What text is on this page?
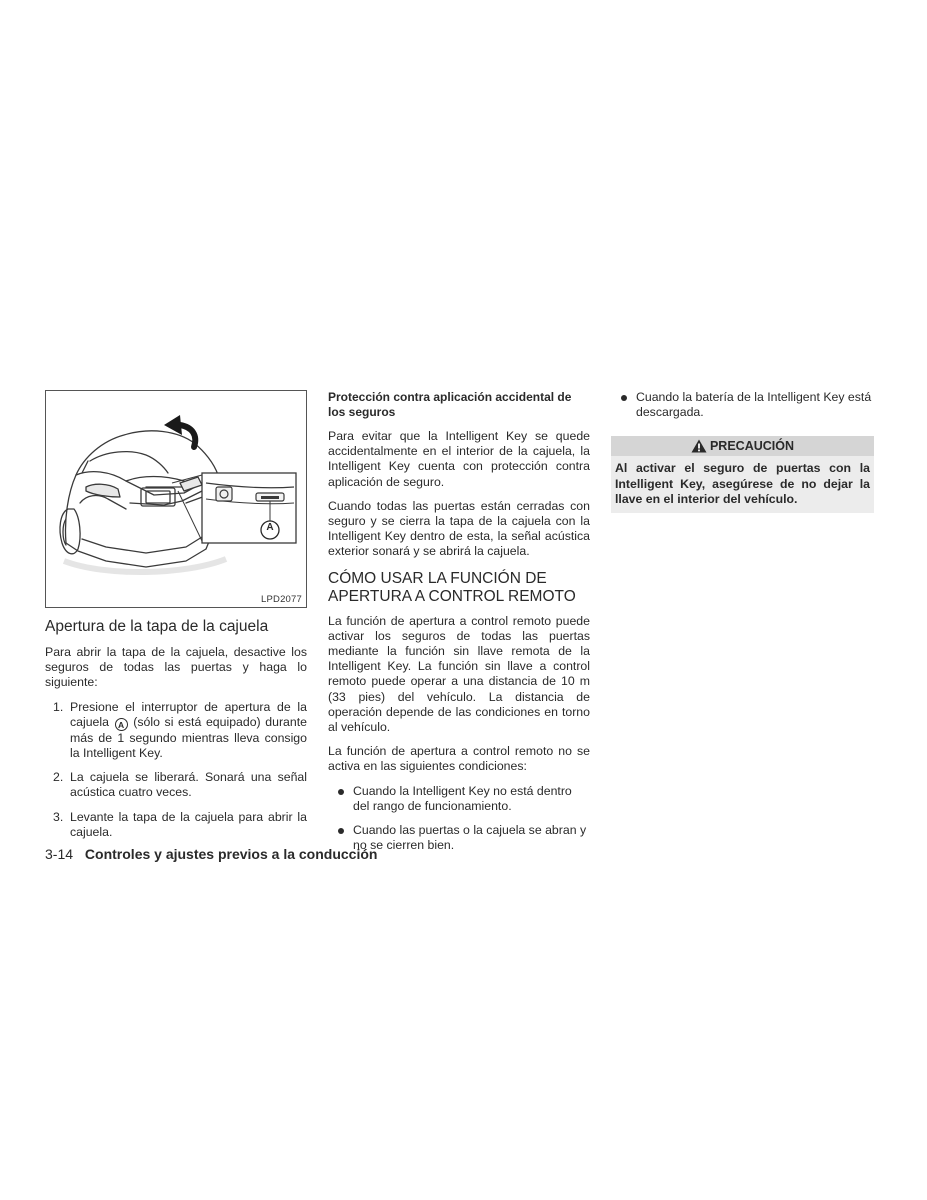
A
LPD2077
Apertura de la tapa de la cajuela

Para abrir la tapa de la cajuela, desactive los seguros de todas las puertas y haga lo siguiente:

1. Presione el interruptor de apertura de la cajuela A (sólo si está equipado) durante más de 1 segundo mientras lleva consigo la Intelligent Key.
2. La cajuela se liberará. Sonará una señal acústica cuatro veces.
3. Levante la tapa de la cajuela para abrir la cajuela.
Protección contra aplicación accidental de los seguros

Para evitar que la Intelligent Key se quede accidentalmente en el interior de la cajuela, la Intelligent Key cuenta con protección contra aplicación de seguro.

Cuando todas las puertas están cerradas con seguro y se cierra la tapa de la cajuela con la Intelligent Key dentro de esta, la señal acústica exterior sonará y se abrirá la cajuela.

CÓMO USAR LA FUNCIÓN DE APERTURA A CONTROL REMOTO

La función de apertura a control remoto puede activar los seguros de todas las puertas mediante la función sin llave remota de la Intelligent Key. La función sin llave a control remoto puede operar a una distancia de 10 m (33 pies) del vehículo. La distancia de operación depende de las condiciones en torno al vehículo.

La función de apertura a control remoto no se activa en las siguientes condiciones:

Cuando la Intelligent Key no está dentro del rango de funcionamiento.
Cuando las puertas o la cajuela se abran y no se cierren bien.
Cuando la batería de la Intelligent Key está descargada.
PRECAUCIÓN
Al activar el seguro de puertas con la Intelligent Key, asegúrese de no dejar la llave en el interior del vehículo.
3-14 Controles y ajustes previos a la conducción
